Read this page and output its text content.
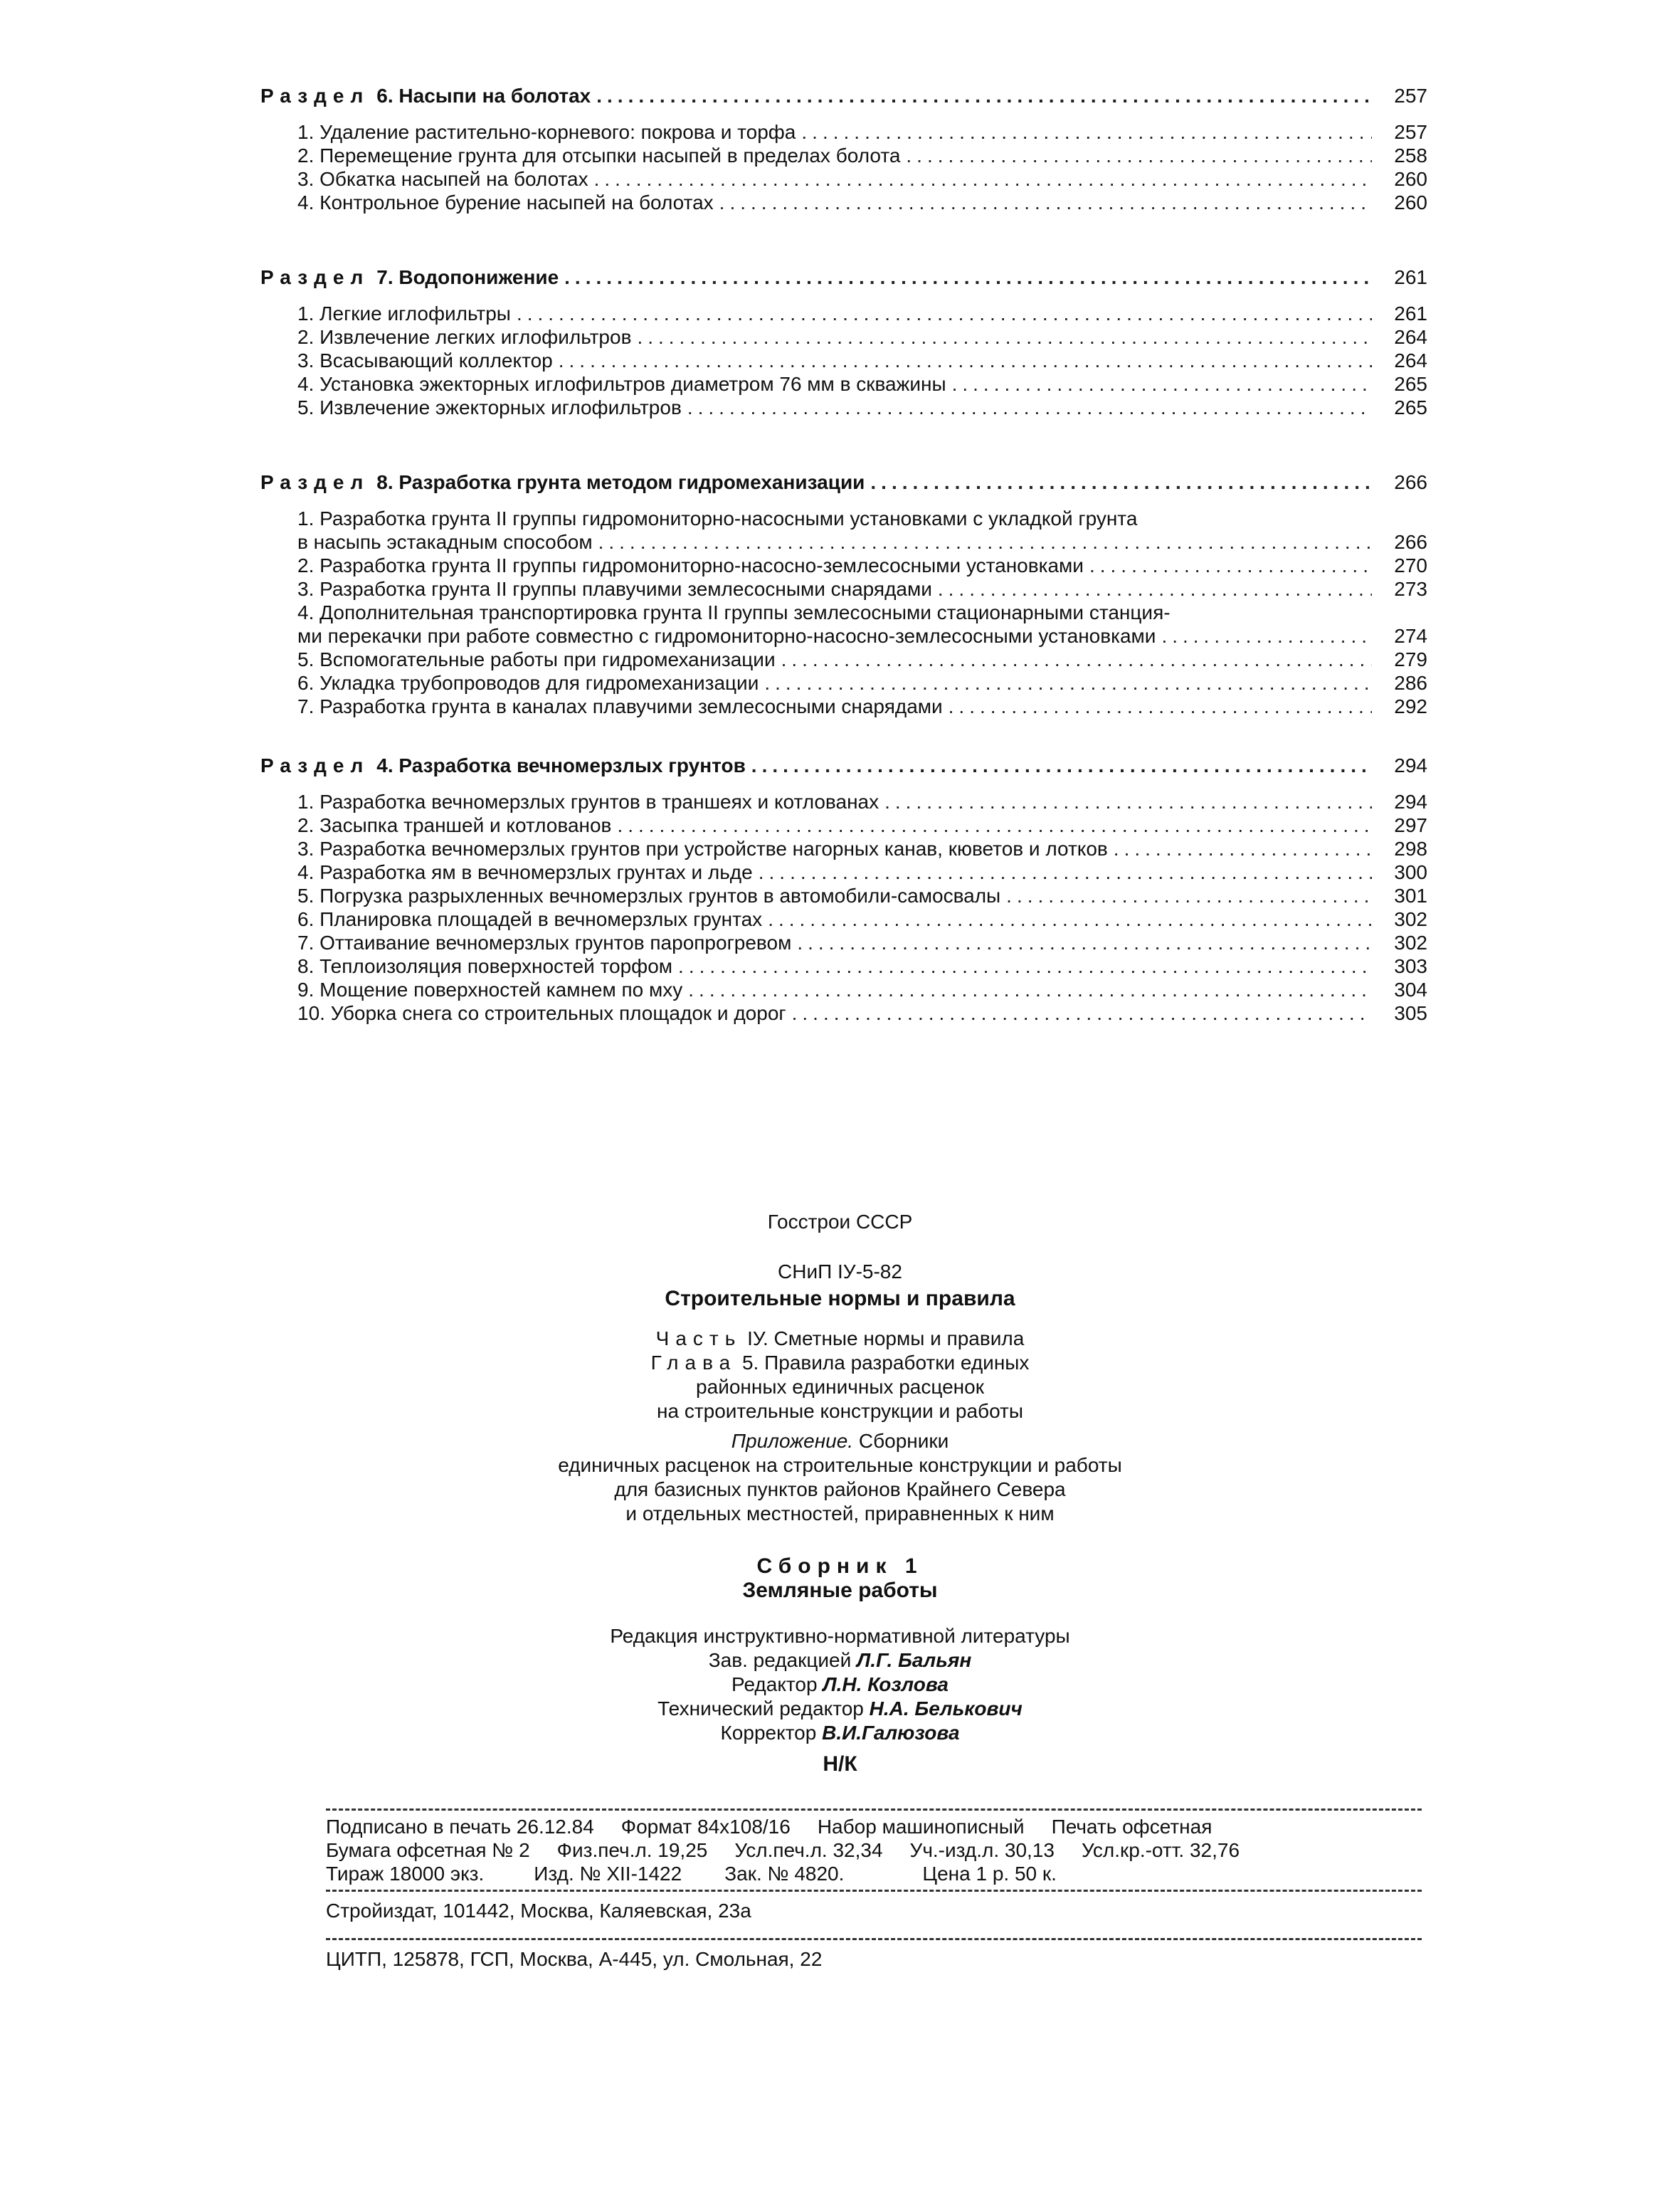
Раздел 6. Насыпи на болотах .....	257
1. Удаление растительно-корневого: покрова и торфа .....	257
2. Перемещение грунта для отсыпки насыпей в пределах болота .....	258
3. Обкатка насыпей на болотах .....	260
4. Контрольное бурение насыпей на болотах .....	260
Раздел 7. Водопонижение .....	261
1. Легкие иглофильтры .....	261
2. Извлечение легких иглофильтров .....	264
3. Всасывающий коллектор .....	264
4. Установка эжекторных иглофильтров диаметром 76 мм в скважины .....	265
5. Извлечение эжекторных иглофильтров .....	265
Раздел 8. Разработка грунта методом гидромеханизации .....	266
1. Разработка грунта II группы гидромониторно-насосными установками с укладкой грунта
в насыпь эстакадным способом .....	266
2. Разработка грунта II группы гидромониторно-насосно-землесосными установками .....	270
3. Разработка грунта II группы плавучими землесосными снарядами .....	273
4. Дополнительная транспортировка грунта II группы землесосными стационарными станция-
ми перекачки при работе совместно с гидромониторно-насосно-землесосными установками .....	274
5. Вспомогательные работы при гидромеханизации .....	279
6. Укладка трубопроводов для гидромеханизации .....	286
7. Разработка грунта в каналах плавучими землесосными снарядами .....	292
Раздел 4. Разработка вечномерзлых грунтов .....	294
1. Разработка вечномерзлых грунтов в траншеях и котлованах .....	294
2. Засыпка траншей и котлованов .....	297
3. Разработка вечномерзлых грунтов при устройстве нагорных канав, кюветов и лотков .....	298
4. Разработка ям в вечномерзлых грунтах и льде .....	300
5. Погрузка разрыхленных вечномерзлых грунтов в автомобили-самосвалы .....	301
6. Планировка площадей в вечномерзлых грунтах .....	302
7. Оттаивание вечномерзлых грунтов паропрогревом .....	302
8. Теплоизоляция поверхностей торфом .....	303
9. Мощение поверхностей камнем по мху .....	304
10. Уборка снега со строительных площадок и дорог .....	305
Госстрои СССР
СНиП IУ-5-82
Строительные нормы и правила
Часть IУ. Сметные нормы и правила
Глава 5. Правила разработки единых
районных единичных расценок
на строительные конструкции и работы
Приложение. Сборники
единичных расценок на строительные конструкции и работы
для базисных пунктов районов Крайнего Севера
и отдельных местностей, приравненных к ним
Сборник 1
Земляные работы
Редакция инструктивно-нормативной литературы
Зав. редакцией Л.Г. Бальян
Редактор Л.Н. Козлова
Технический редактор Н.А. Белькович
Корректор В.И.Галюзова
Н/К
Подписано в печать 26.12.84 Формат 84x108/16 Набор машинописный Печать офсетная
Бумага офсетная № 2 Физ.печ.л. 19,25 Усл.печ.л. 32,34 Уч.-изд.л. 30,13 Усл.кр.-отт. 32,76
Тираж 18000 экз.	Изд. № XII-1422 Зак. № 4820.	Цена 1 р. 50 к.
Стройиздат, 101442, Москва, Каляевская, 23а
ЦИТП, 125878, ГСП, Москва, А-445, ул. Смольная, 22
